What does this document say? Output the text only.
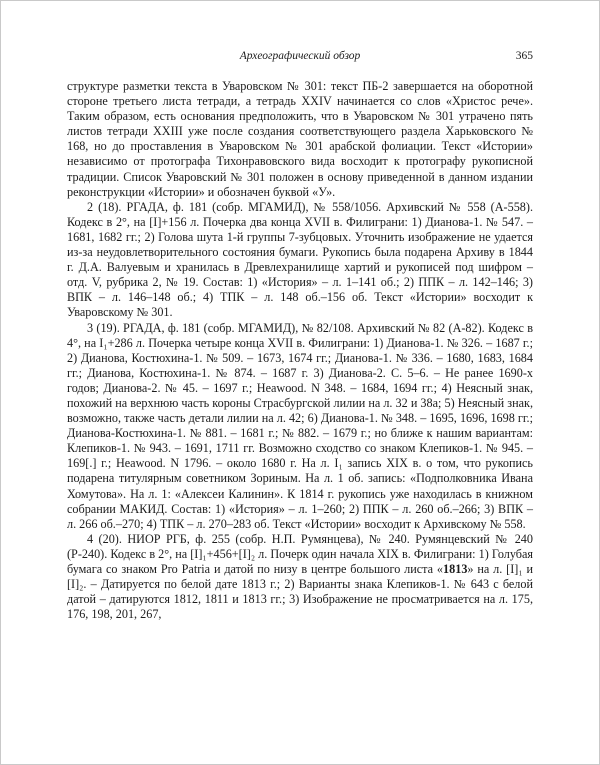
Археографический обзор	365

структуре разметки текста в Уваровском № 301: текст ПБ-2 завершается на оборотной стороне третьего листа тетради, а тетрадь XXIV начинается со слов «Христос рече». Таким образом, есть основания предположить, что в Уваровском № 301 утрачено пять листов тетради XXIII уже после создания соответствующего раздела Харьковского № 168, но до проставления в Уваровском № 301 арабской фолиации. Текст «Истории» независимо от протографа Тихонравовского вида восходит к протографу рукописной традиции. Список Уваровский № 301 положен в основу приведенной в данном издании реконструкции «Истории» и обозначен буквой «У».

2 (18). РГАДА, ф. 181 (собр. МГАМИД), № 558/1056. Архивский № 558 (А-558). Кодекс в 2°, на [I]+156 л. Почерка два конца XVII в. Филиграни: 1) Дианова-1. № 547. – 1681, 1682 гг.; 2) Голова шута 1-й группы 7-зубцовых. Уточнить изображение не удается из-за неудовлетворительного состояния бумаги. Рукопись была подарена Архиву в 1844 г. Д.А. Валуевым и хранилась в Древлехранилище хартий и рукописей под шифром – отд. V, рубрика 2, № 19. Состав: 1) «История» – л. 1–141 об.; 2) ППК – л. 142–146; 3) ВПК – л. 146–148 об.; 4) ТПК – л. 148 об.–156 об. Текст «Истории» восходит к Уваровскому № 301.

3 (19). РГАДА, ф. 181 (собр. МГАМИД), № 82/108. Архивский № 82 (А-82). Кодекс в 4°, на I₁+286 л. Почерка четыре конца XVII в. Филиграни: 1) Дианова-1. № 326. – 1687 г.; 2) Дианова, Костюхина-1. № 509. – 1673, 1674 гг.; Дианова-1. № 336. – 1680, 1683, 1684 гг.; Дианова, Костюхина-1. № 874. – 1687 г. 3) Дианова-2. С. 5–6. – Не ранее 1690-х годов; Дианова-2. № 45. – 1697 г.; Heawood. N 348. – 1684, 1694 гг.; 4) Неясный знак, похожий на верхнюю часть короны Страсбургской лилии на л. 32 и 38а; 5) Неясный знак, возможно, также часть детали лилии на л. 42; 6) Дианова-1. № 348. – 1695, 1696, 1698 гг.; Дианова-Костюхина-1. № 881. – 1681 г.; № 882. – 1679 г.; но ближе к нашим вариантам: Клепиков-1. № 943. – 1691, 1711 гг. Возможно сходство со знаком Клепиков-1. № 945. – 169[.] г.; Heawood. N 1796. – около 1680 г. На л. I₁ запись XIX в. о том, что рукопись подарена титулярным советником Зориным. На л. 1 об. запись: «Подполковника Ивана Хомутова». На л. 1: «Алексеи Калинин». К 1814 г. рукопись уже находилась в книжном собрании МАКИД. Состав: 1) «История» – л. 1–260; 2) ППК – л. 260 об.–266; 3) ВПК – л. 266 об.–270; 4) ТПК – л. 270–283 об. Текст «Истории» восходит к Архивскому № 558.

4 (20). НИОР РГБ, ф. 255 (собр. Н.П. Румянцева), № 240. Румянцевский № 240 (Р-240). Кодекс в 2°, на [I]₁+456+[I]₂ л. Почерк один начала XIX в. Филиграни: 1) Голубая бумага со знаком Pro Patria и датой по низу в центре большого листа «1813» на л. [I]₁ и [I]₂. – Датируется по белой дате 1813 г.; 2) Варианты знака Клепиков-1. № 643 с белой датой – датируются 1812, 1811 и 1813 гг.; 3) Изображение не просматривается на л. 175, 176, 198, 201, 267,
